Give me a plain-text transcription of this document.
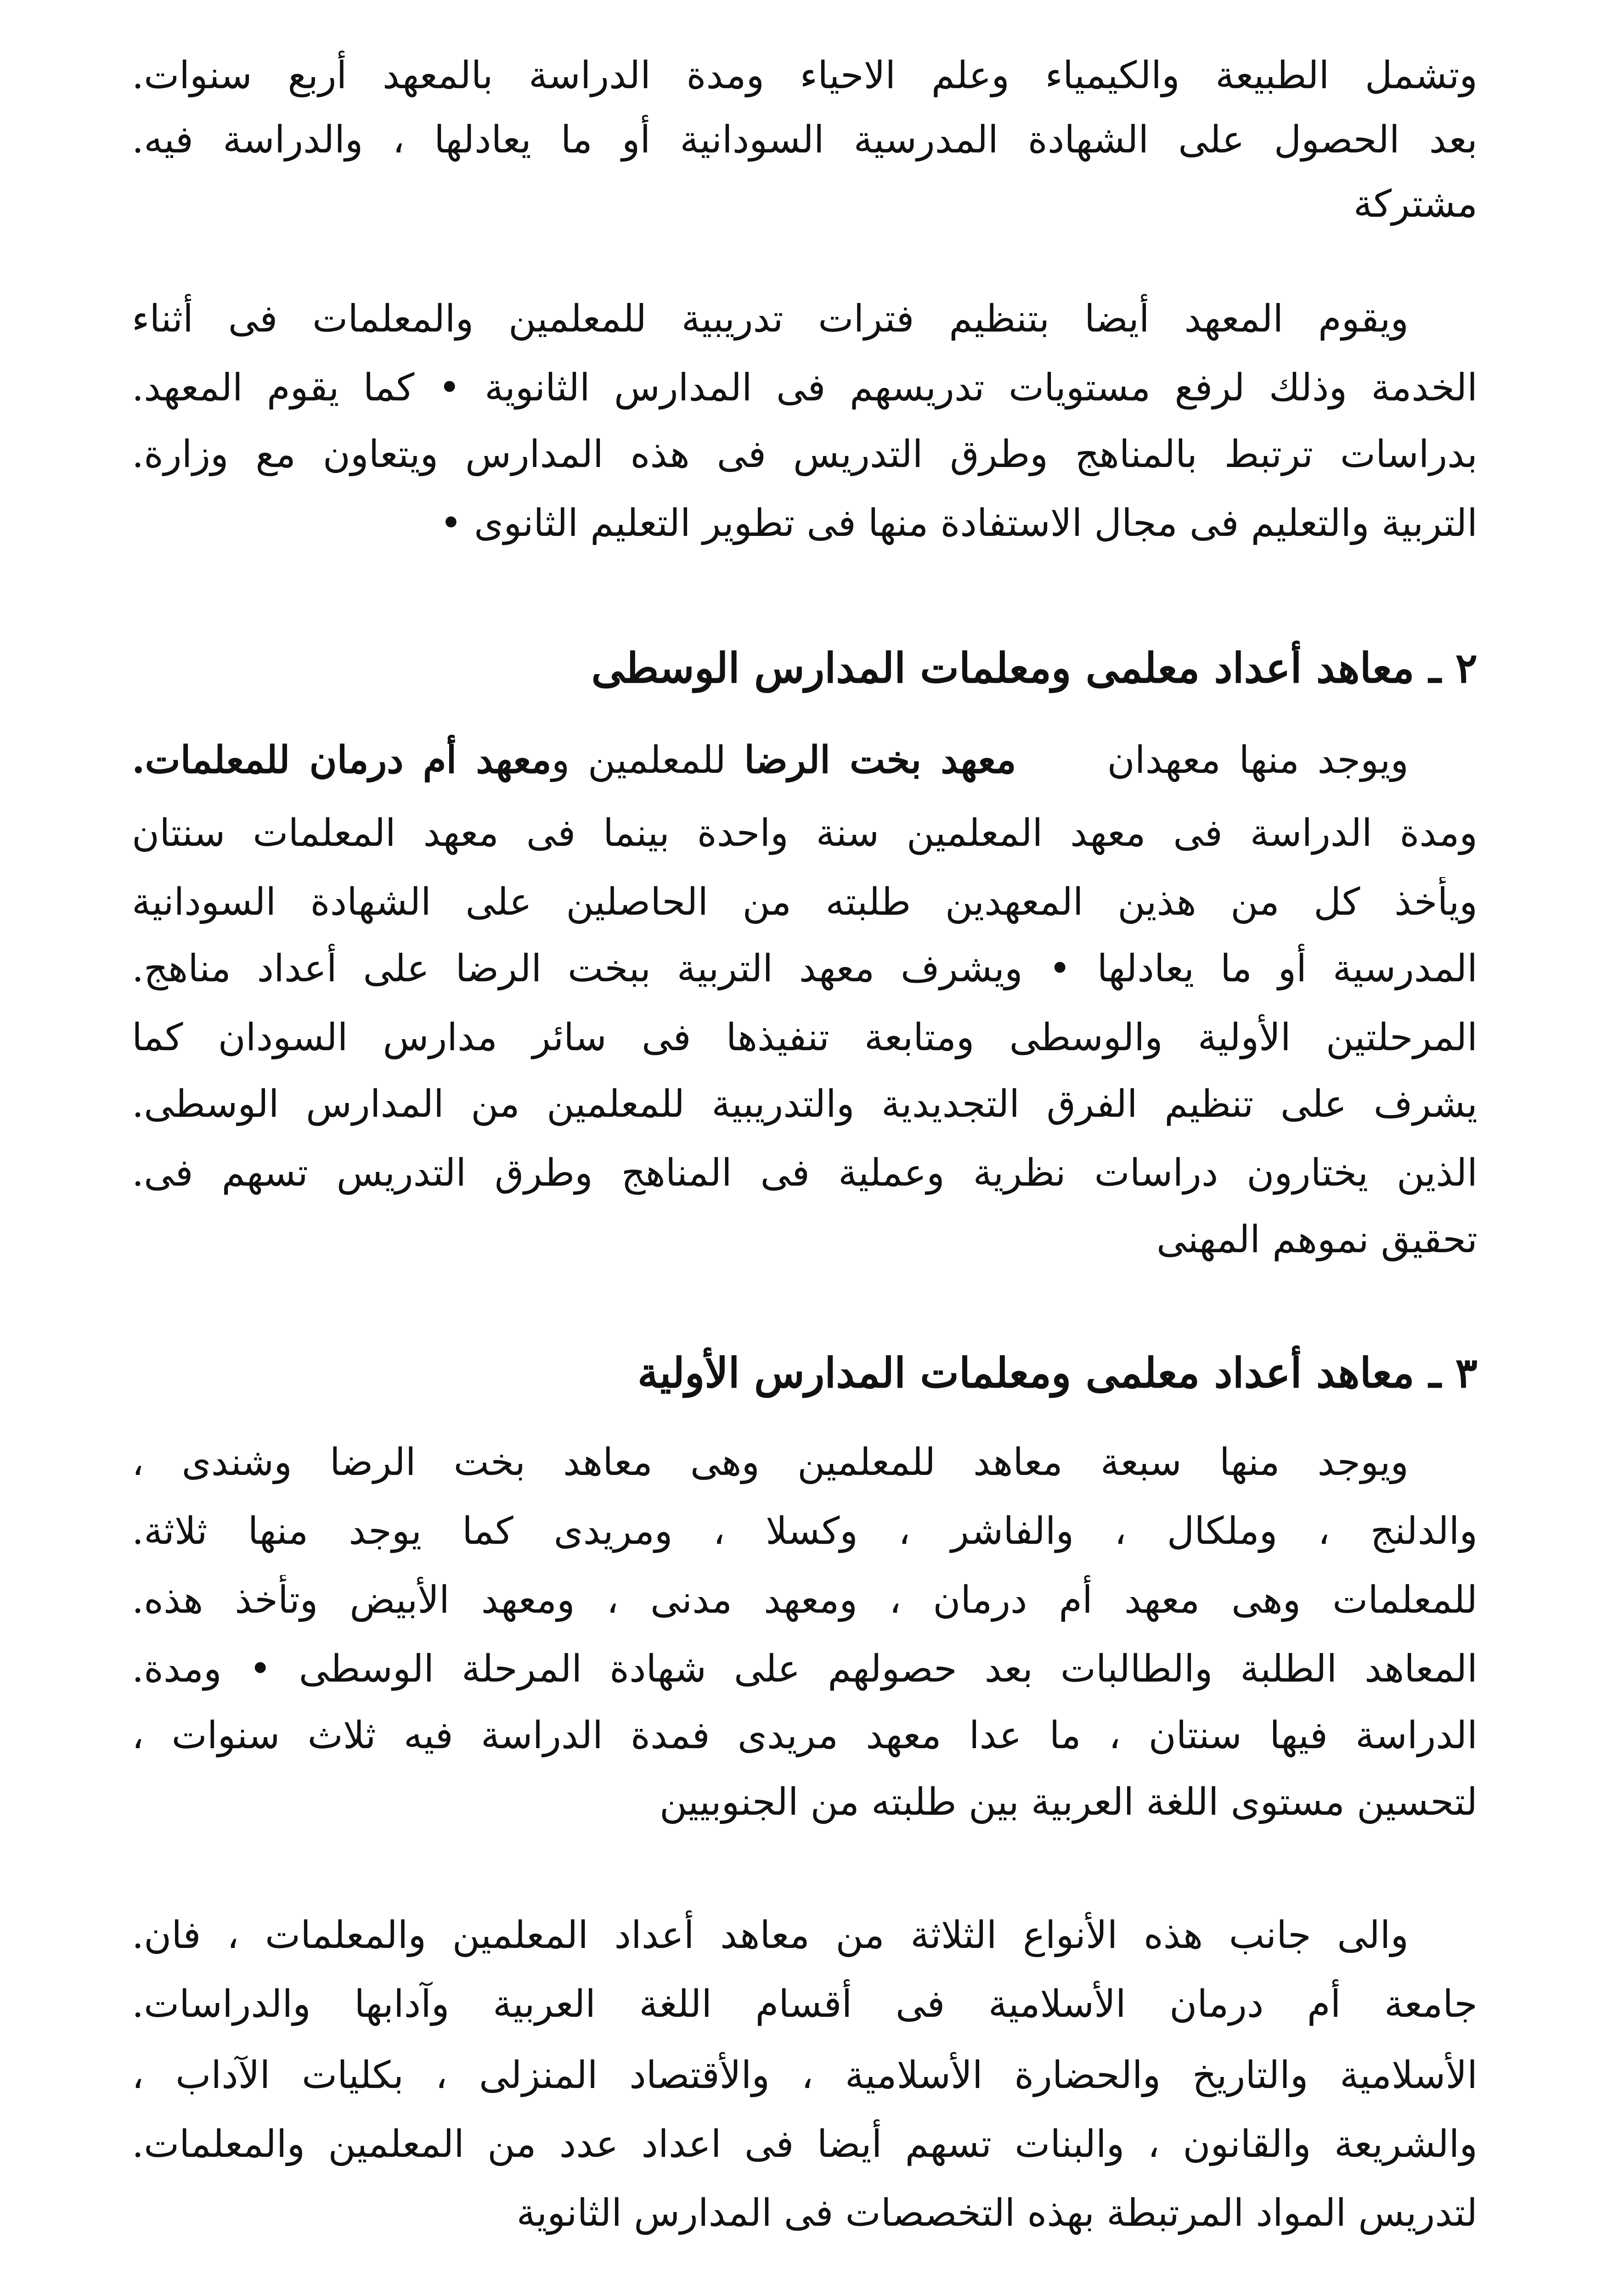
وتشمل الطبيعة والكيمياء وعلم الاحياء ومدة الدراسة بالمعهد أربع سنوات.
بعد الحصول على الشهادة المدرسية السودانية أو ما يعادلها ، والدراسة فيه.
مشتركة
ويقوم المعهد أيضا بتنظيم فترات تدريبية للمعلمين والمعلمات فى أثناء
الخدمة وذلك لرفع مستويات تدريسهم فى المدارس الثانوية • كما يقوم المعهد.
بدراسات ترتبط بالمناهج وطرق التدريس فى هذه المدارس ويتعاون مع وزارة.
التربية والتعليم فى مجال الاستفادة منها فى تطوير التعليم الثانوى •
٢ ـ معاهد أعداد معلمى ومعلمات المدارس الوسطى
ويوجد منها معهدان     معهد بخت الرضا للمعلمين ومعهد أم درمان للمعلمات.
ومدة الدراسة فى معهد المعلمين سنة واحدة بينما فى معهد المعلمات سنتان
ويأخذ كل من هذين المعهدين طلبته من الحاصلين على الشهادة السودانية
المدرسية أو ما يعادلها • ويشرف معهد التربية ببخت الرضا على أعداد مناهج.
المرحلتين الأولية والوسطى ومتابعة تنفيذها فى سائر مدارس السودان كما
يشرف على تنظيم الفرق التجديدية والتدريبية للمعلمين من المدارس الوسطى.
الذين يختارون دراسات نظرية وعملية فى المناهج وطرق التدريس تسهم فى.
تحقيق نموهم المهنى
٣ ـ معاهد أعداد معلمى ومعلمات المدارس الأولية
ويوجد منها سبعة معاهد للمعلمين وهى معاهد بخت الرضا وشندى ،
والدلنج ، وملكال ، والفاشر ، وكسلا ، ومريدى كما يوجد منها ثلاثة.
للمعلمات وهى معهد أم درمان ، ومعهد مدنى ، ومعهد الأبيض وتأخذ هذه.
المعاهد الطلبة والطالبات بعد حصولهم على شهادة المرحلة الوسطى • ومدة.
الدراسة فيها سنتان ، ما عدا معهد مريدى فمدة الدراسة فيه ثلاث سنوات ،
لتحسين مستوى اللغة العربية بين طلبته من الجنوبيين
والى جانب هذه الأنواع الثلاثة من معاهد أعداد المعلمين والمعلمات ، فان.
جامعة أم درمان الأسلامية فى أقسام اللغة العربية وآدابها والدراسات.
الأسلامية والتاريخ والحضارة الأسلامية ، والأقتصاد المنزلى ، بكليات الآداب ،
والشريعة والقانون ، والبنات تسهم أيضا فى اعداد عدد من المعلمين والمعلمات.
لتدريس المواد المرتبطة بهذه التخصصات فى المدارس الثانوية
